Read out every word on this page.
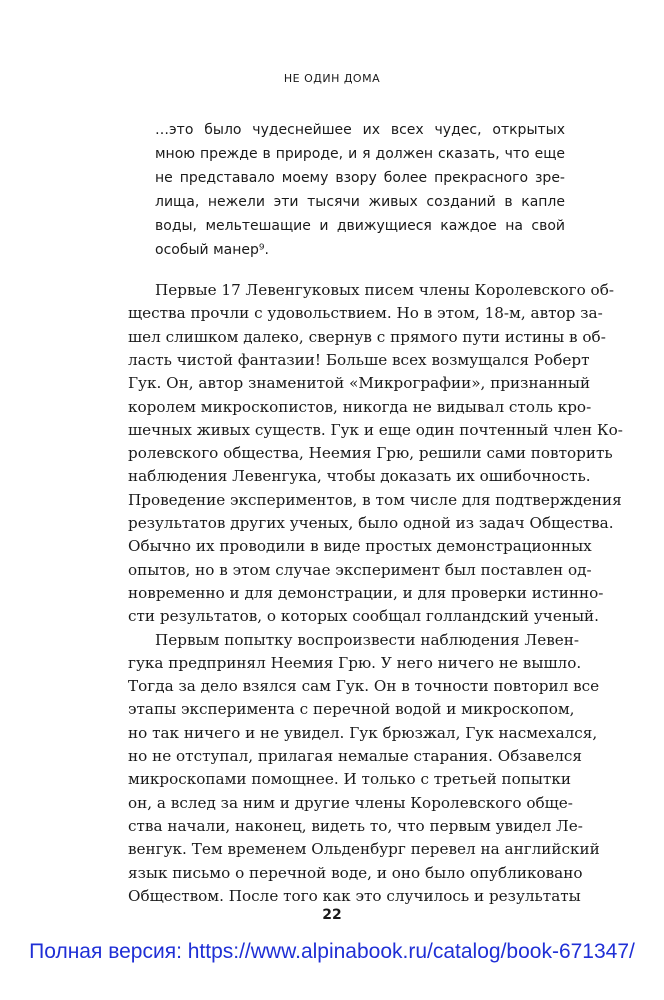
НЕ ОДИН ДОМА
…это было чудеснейшее их всех чудес, открытых
мною прежде в природе, и я должен сказать, что еще
не представало моему взору более прекрасного зре-
лища, нежели эти тысячи живых созданий в капле
воды, мельтешащие и движущиеся каждое на свой
особый манер⁹.
Первые 17 Левенгуковых писем члены Королевского об-
щества прочли с удовольствием. Но в этом, 18-м, автор за-
шел слишком далеко, свернув с прямого пути истины в об-
ласть чистой фантазии! Больше всех возмущался Роберт
Гук. Он, автор знаменитой «Микрографии», признанный
королем микроскопистов, никогда не видывал столь кро-
шечных живых существ. Гук и еще один почтенный член Ко-
ролевского общества, Неемия Грю, решили сами повторить
наблюдения Левенгука, чтобы доказать их ошибочность.
Проведение экспериментов, в том числе для подтверждения
результатов других ученых, было одной из задач Общества.
Обычно их проводили в виде простых демонстрационных
опытов, но в этом случае эксперимент был поставлен од-
новременно и для демонстрации, и для проверки истинно-
сти результатов, о которых сообщал голландский ученый.
Первым попытку воспроизвести наблюдения Левен-
гука предпринял Неемия Грю. У него ничего не вышло.
Тогда за дело взялся сам Гук. Он в точности повторил все
этапы эксперимента с перечной водой и микроскопом,
но так ничего и не увидел. Гук брюзжал, Гук насмехался,
но не отступал, прилагая немалые старания. Обзавелся
микроскопами помощнее. И только с третьей попытки
он, а вслед за ним и другие члены Королевского обще-
ства начали, наконец, видеть то, что первым увидел Ле-
венгук. Тем временем Ольденбург перевел на английский
язык письмо о перечной воде, и оно было опубликовано
Обществом. После того как это случилось и результаты
22
Полная версия: https://www.alpinabook.ru/catalog/book-671347/
